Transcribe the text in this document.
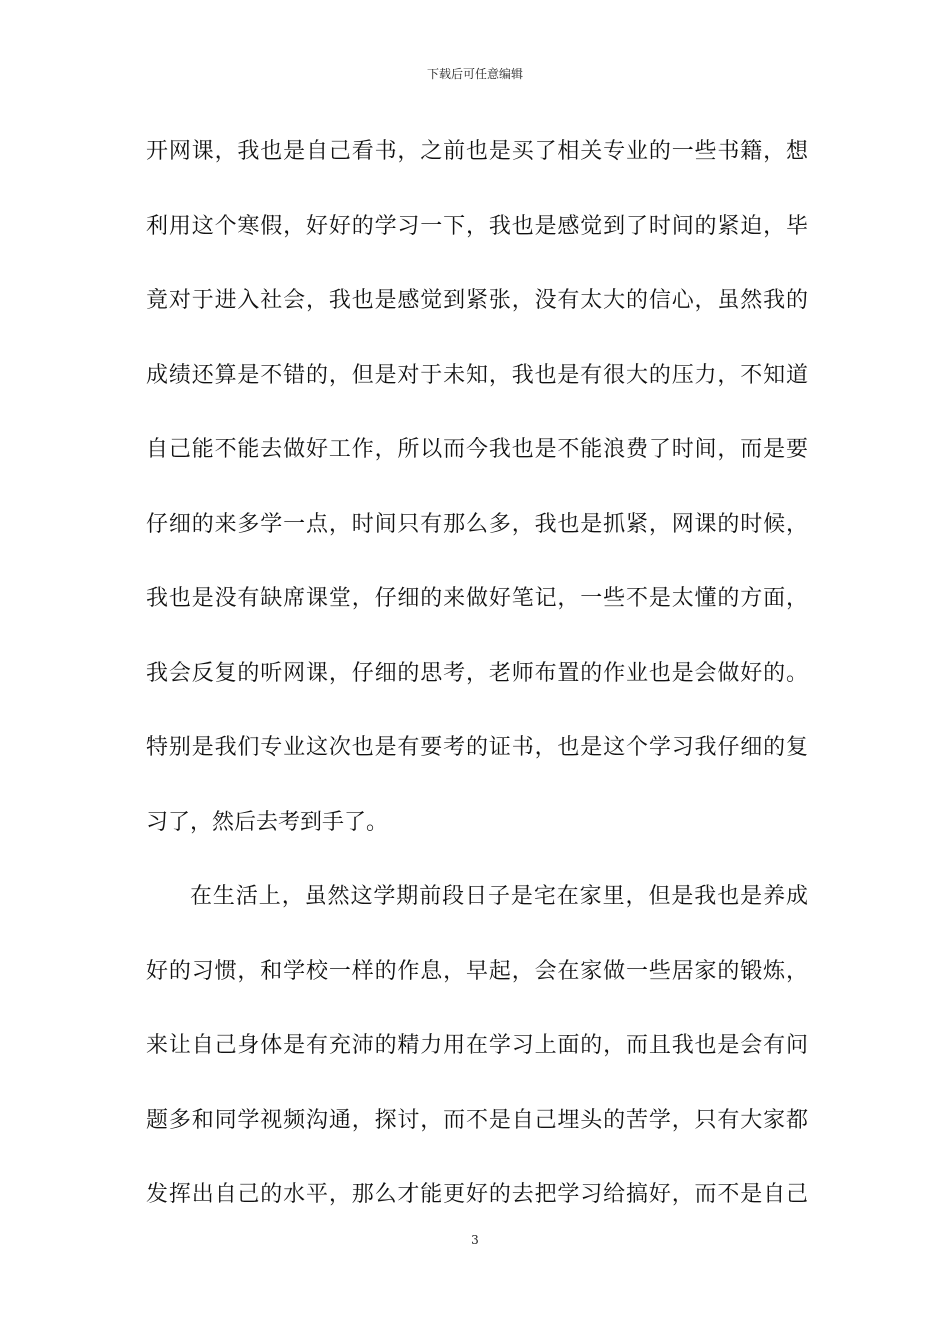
下载后可任意编辑
开网课，我也是自己看书，之前也是买了相关专业的一些书籍，想
利用这个寒假，好好的学习一下，我也是感觉到了时间的紧迫，毕
竟对于进入社会，我也是感觉到紧张，没有太大的信心，虽然我的
成绩还算是不错的，但是对于未知，我也是有很大的压力，不知道
自己能不能去做好工作，所以而今我也是不能浪费了时间，而是要
仔细的来多学一点，时间只有那么多，我也是抓紧，网课的时候，
我也是没有缺席课堂，仔细的来做好笔记，一些不是太懂的方面，
我会反复的听网课，仔细的思考，老师布置的作业也是会做好的。
特别是我们专业这次也是有要考的证书，也是这个学习我仔细的复
习了，然后去考到手了。
在生活上，虽然这学期前段日子是宅在家里，但是我也是养成
好的习惯，和学校一样的作息，早起，会在家做一些居家的锻炼，
来让自己身体是有充沛的精力用在学习上面的，而且我也是会有问
题多和同学视频沟通，探讨，而不是自己埋头的苦学，只有大家都
发挥出自己的水平，那么才能更好的去把学习给搞好，而不是自己
3
